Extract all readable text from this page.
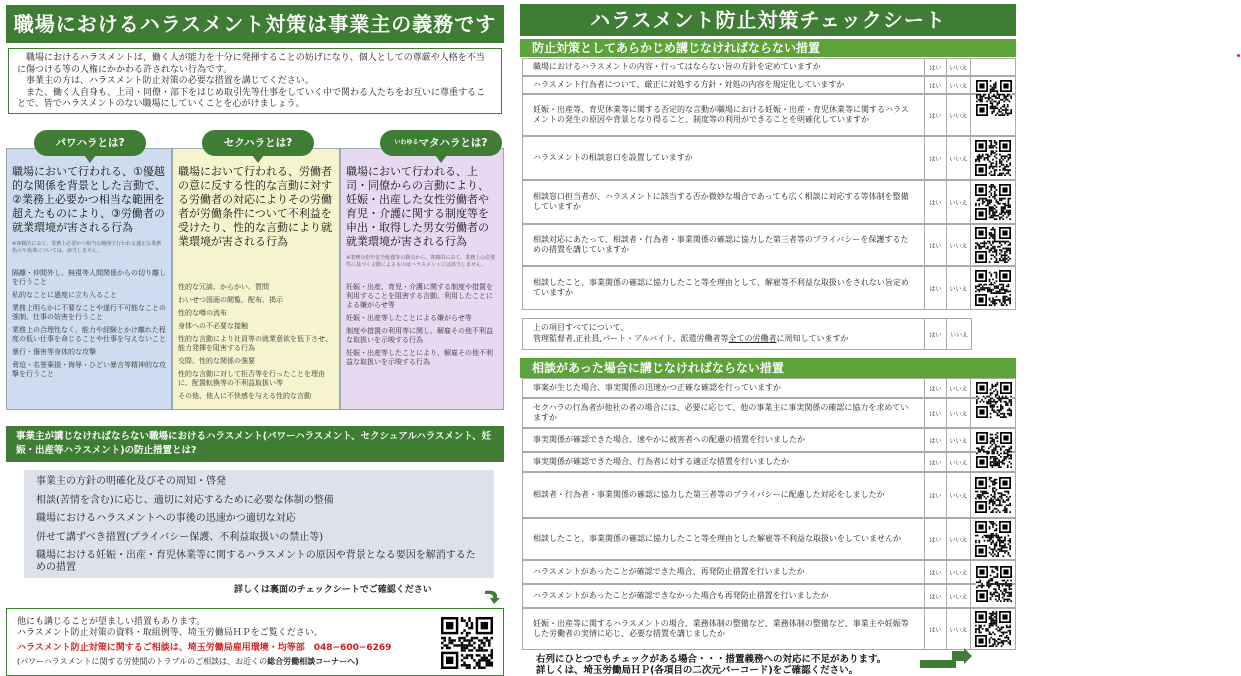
職場におけるハラスメント対策は事業主の義務です

職場におけるハラスメントは、働く人が能力を十分に発揮することの妨げになり、個人としての尊厳や人格を不当に傷つける等の人権にかかわる許されない行為です。

事業主の方は、ハラスメント防止対策の必要な措置を講じてください。

また、働く人自身も、上司・同僚・部下をはじめ取引先等仕事をしていく中で関わる人たちをお互いに尊重することで、皆でハラスメントのない職場にしていくことを心がけましょう。

職場において行われる、①優越的な関係を背景とした言動で、②業務上必要かつ相当な範囲を超えたものにより、③労働者の就業環境が害される行為
※客観的にみて、業務上必要かつ相当な範囲で行われる適正な業務指示や指導については、該当しません。
隔離・仲間外し、無視等人間関係からの切り離しを行うこと
私的なことに過度に立ち入ること
業務上明らかに不要なことや遂行不可能なことの強制、仕事の妨害を行うこと
業務上の合理性なく、能力や経験とかけ離れた程度の低い仕事を命じることや仕事を与えないこと
暴行・傷害等身体的な攻撃
脅迫・名誉棄損・侮辱・ひどい暴言等精神的な攻撃を行うこと
職場において行われる、労働者の意に反する性的な言動に対する労働者の対応によりその労働者が労働条件について不利益を受けたり、性的な言動により就業環境が害される行為
性的な冗談、からかい、質問
わいせつ図画の閲覧、配布、掲示
性的な噂の流布
身体への不必要な接触
性的な言動により社員等の就業意欲を低下させ、能力発揮を阻害する行為
交際、性的な関係の強要
性的な言動に対して拒否等を行ったことを理由に、配置転換等の不利益取扱い等
その他、他人に不快感を与える性的な言動
職場において行われる、上司・同僚からの言動により、妊娠・出産した女性労働者や育児・介護に関する制度等を申出・取得した男女労働者の就業環境が害される行為
※業務分担や安全配慮等の観点から、客観的にみて、業務上の必要性に基づく言動によるものはハラスメントには該当しません。
妊娠・出産、育児・介護に関する制度や措置を利用することを阻害する言動、利用したことによる嫌がらせ等
妊娠・出産等したことによる嫌がらせ等
制度や措置の利用等に関し、解雇その他不利益な取扱いを示唆する行為
妊娠・出産等したことにより、解雇その他不利益な取扱いを示唆する行為
パワハラとは?	セクハラとは?	$^{いわゆる}$マタハラとは?
事業主が講じなければならない職場におけるハラスメント(パワーハラスメント、セクシュアルハラスメント、妊娠・出産等ハラスメント)の防止措置とは?
事業主の方針の明確化及びその周知・啓発
相談(苦情を含む)に応じ、適切に対応するために必要な体制の整備
職場におけるハラスメントへの事後の迅速かつ適切な対応
併せて講ずべき措置(プライバシー保護、不利益取扱いの禁止等)
職場における妊娠・出産・育児休業等に関するハラスメントの原因や背景となる要因を解消するための措置
詳しくは裏面のチェックシートでご確認ください
他にも講じることが望ましい措置もあります。
ハラスメント防止対策の資料・取組例等、埼玉労働局ＨＰをご覧ください。
ハラスメント防止対策に関するご相談は、埼玉労働局雇用環境・均等部　048−600−6269
(パワーハラスメントに関する労使間のトラブルのご相談は、お近くの総合労働相談コーナーへ)
ハラスメント防止対策チェックシート
防止対策としてあらかじめ講じなければならない措置
職場におけるハラスメントの内容・行ってはならない旨の方針を定めていますか	はい	いいえ
ハラスメント行為者について、厳正に対処する方針・対処の内容を規定化していますか	はい	いいえ
妊娠・出産等、育児休業等に関する否定的な言動が職場における妊娠・出産・育児休業等に関するハラスメントの発生の原因や背景となり得ること、制度等の利用ができることを明確化していますか	はい	いいえ
ハラスメントの相談窓口を設置していますか	はい	いいえ
相談窓口担当者が、ハラスメントに該当する否か微妙な場合であっても広く相談に対応する等体制を整備していますか	はい	いいえ
相談対応にあたって、相談者・行為者・事業関係の確認に協力した第三者等のプライバシーを保護するための措置を講じていますか	はい	いいえ
相談したこと、事業関係の確認に協力したこと等を理由として、解雇等不利益な取扱いをされない旨定めていますか	はい	いいえ
上の項目すべてについて、
管理監督者,正社員,パート・アルバイト、派遣労働者等全ての労働者に周知していますか	はい	いいえ
相談があった場合に講じなければならない措置
事案が生じた場合、事実関係の迅速かつ正確な確認を行っていますか	はい	いいえ
セクハラの行為者が他社の者の場合には、必要に応じて、他の事業主に事実関係の確認に協力を求めていますか	はい	いいえ
事実関係が確認できた場合、速やかに被害者への配慮の措置を行いましたか	はい	いいえ
事実関係が確認できた場合、行為者に対する適正な措置を行いましたか	はい	いいえ
相談者・行為者・事業関係の確認に協力した第三者等のプライバシーに配慮した対応をしましたか	はい	いいえ
相談したこと、事業関係の確認に協力したこと等を理由とした解雇等不利益な取扱いをしていませんか	はい	いいえ
ハラスメントがあったことが確認できた場合、再発防止措置を行いましたか	はい	いいえ
ハラスメントがあったことが確認できなかった場合も再発防止措置を行いましたか	はい	いいえ
妊娠・出産等に関するハラスメントの場合、業務体制の整備など、業務体制の整備など、事業主や妊娠等した労働者の実情に応じ、必要な措置を講じましたか	はい	いいえ
右列にひとつでもチェックがある場合・・・措置義務への対応に不足があります。
詳しくは、埼玉労働局ＨＰ(各項目の二次元バーコード)をご確認ください。
